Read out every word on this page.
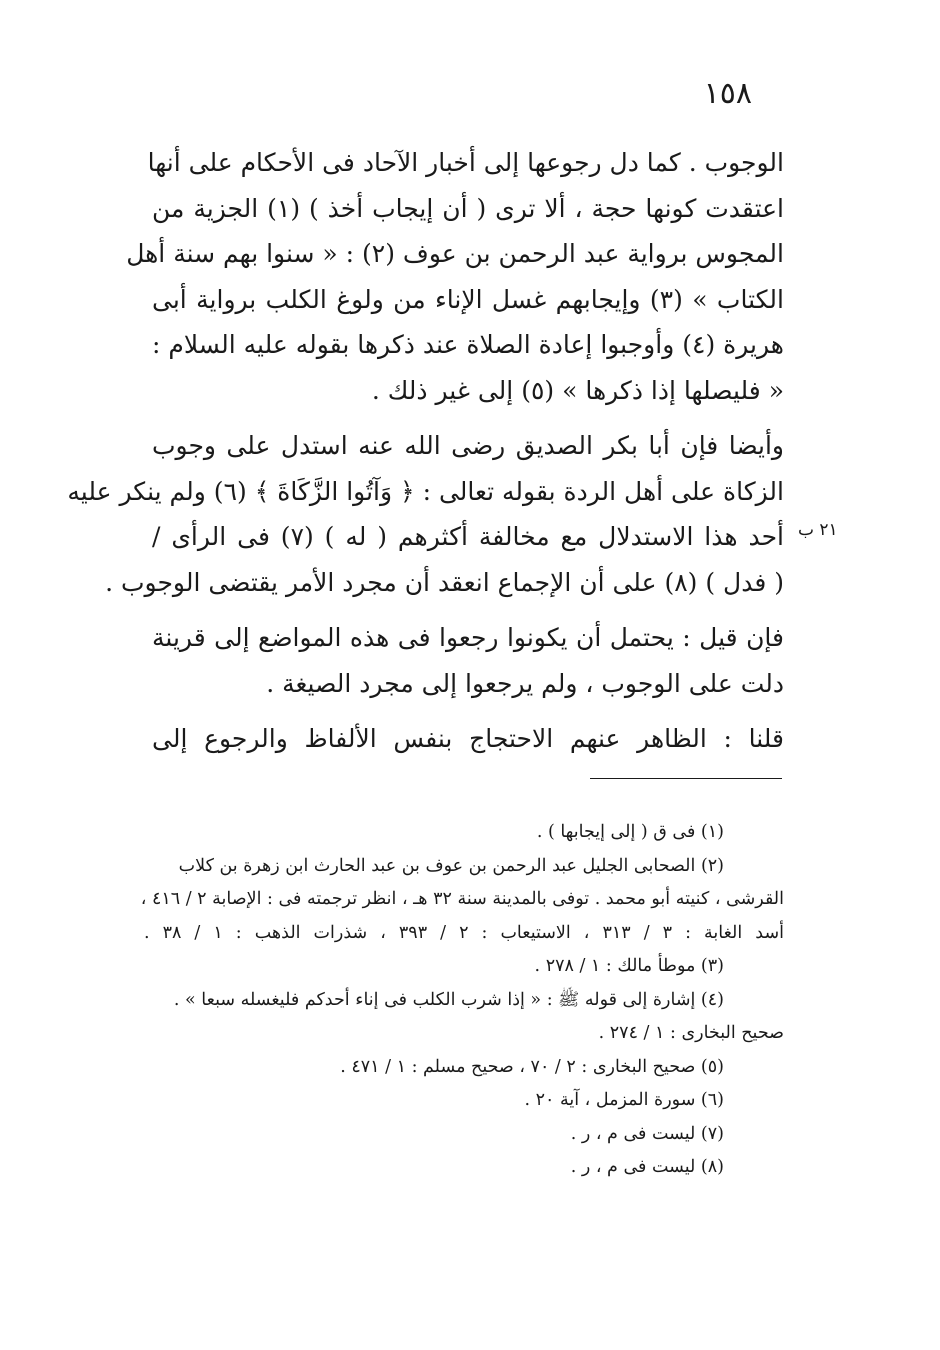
١٥٨
٢١ ب
الوجوب . كما دل رجوعها إلى أخبار الآحاد فى الأحكام على أنها
اعتقدت كونها حجة ، ألا ترى ( أن إيجاب أخذ ) (١) الجزية من
المجوس برواية عبد الرحمن بن عوف (٢) : « سنوا بهم سنة أهل
الكتاب » (٣) وإيجابهم غسل الإناء من ولوغ الكلب برواية أبى
هريرة (٤) وأوجبوا إعادة الصلاة عند ذكرها بقوله عليه السلام :
« فليصلها إذا ذكرها » (٥) إلى غير ذلك .
وأيضا فإن أبا بكر الصديق رضى الله عنه استدل على وجوب
الزكاة على أهل الردة بقوله تعالى : ﴿ وَآتُوا الزَّكَاةَ ﴾ (٦) ولم ينكر عليه
أحد هذا الاستدلال مع مخالفة أكثرهم ( له ) (٧) فى الرأى /
( فدل ) (٨) على أن الإجماع انعقد أن مجرد الأمر يقتضى الوجوب .
فإن قيل : يحتمل أن يكونوا رجعوا فى هذه المواضع إلى قرينة
دلت على الوجوب ، ولم يرجعوا إلى مجرد الصيغة .
قلنا : الظاهر عنهم الاحتجاج بنفس الألفاظ والرجوع إلى
(١) فى ق ( إلى إيجابها ) .
(٢) الصحابى الجليل عبد الرحمن بن عوف بن عبد الحارث ابن زهرة بن كلاب
القرشى ، كنيته أبو محمد . توفى بالمدينة سنة ٣٢ هـ ، انظر ترجمته فى : الإصابة ٢ / ٤١٦ ،
أسد الغابة : ٣ / ٣١٣ ، الاستيعاب : ٢ / ٣٩٣ ، شذرات الذهب : ١ / ٣٨ .
(٣) موطأ مالك : ١ / ٢٧٨ .
(٤) إشارة إلى قوله ﷺ : « إذا شرب الكلب فى إناء أحدكم فليغسله سبعا » .
صحيح البخارى : ١ / ٢٧٤ .
(٥) صحيح البخارى : ٢ / ٧٠ ، صحيح مسلم : ١ / ٤٧١ .
(٦) سورة المزمل ، آية ٢٠ .
(٧) ليست فى م ، ر .
(٨) ليست فى م ، ر .
